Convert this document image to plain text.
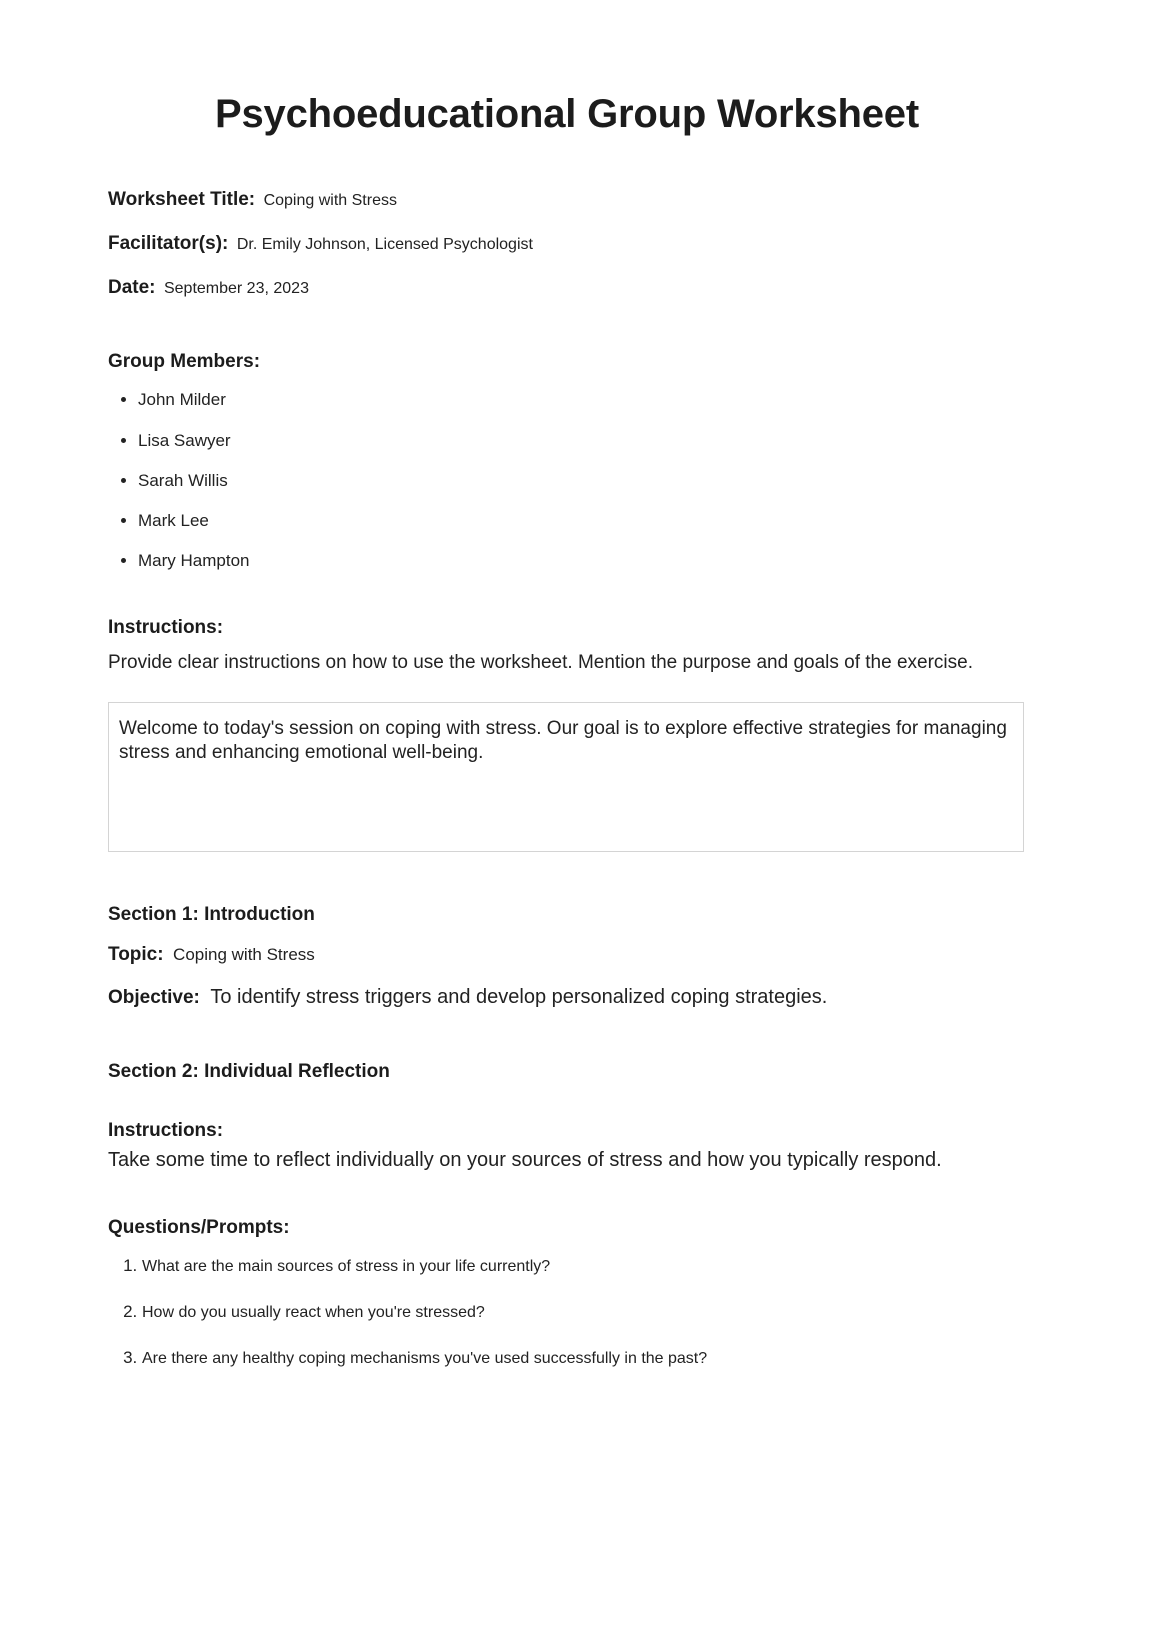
Psychoeducational Group Worksheet
Worksheet Title: Coping with Stress
Facilitator(s): Dr. Emily Johnson, Licensed Psychologist
Date: September 23, 2023
Group Members:
• John Milder
• Lisa Sawyer
• Sarah Willis
• Mark Lee
• Mary Hampton
Instructions:

Provide clear instructions on how to use the worksheet. Mention the purpose and goals of the exercise.

Welcome to today's session on coping with stress. Our goal is to explore effective strategies for managing stress and enhancing emotional well-being.

Section 1: Introduction
Topic: Coping with Stress
Objective: To identify stress triggers and develop personalized coping strategies.
Section 2: Individual Reflection
Instructions:

Take some time to reflect individually on your sources of stress and how you typically respond.

Questions/Prompts:
1. What are the main sources of stress in your life currently?
2. How do you usually react when you're stressed?
3. Are there any healthy coping mechanisms you've used successfully in the past?
